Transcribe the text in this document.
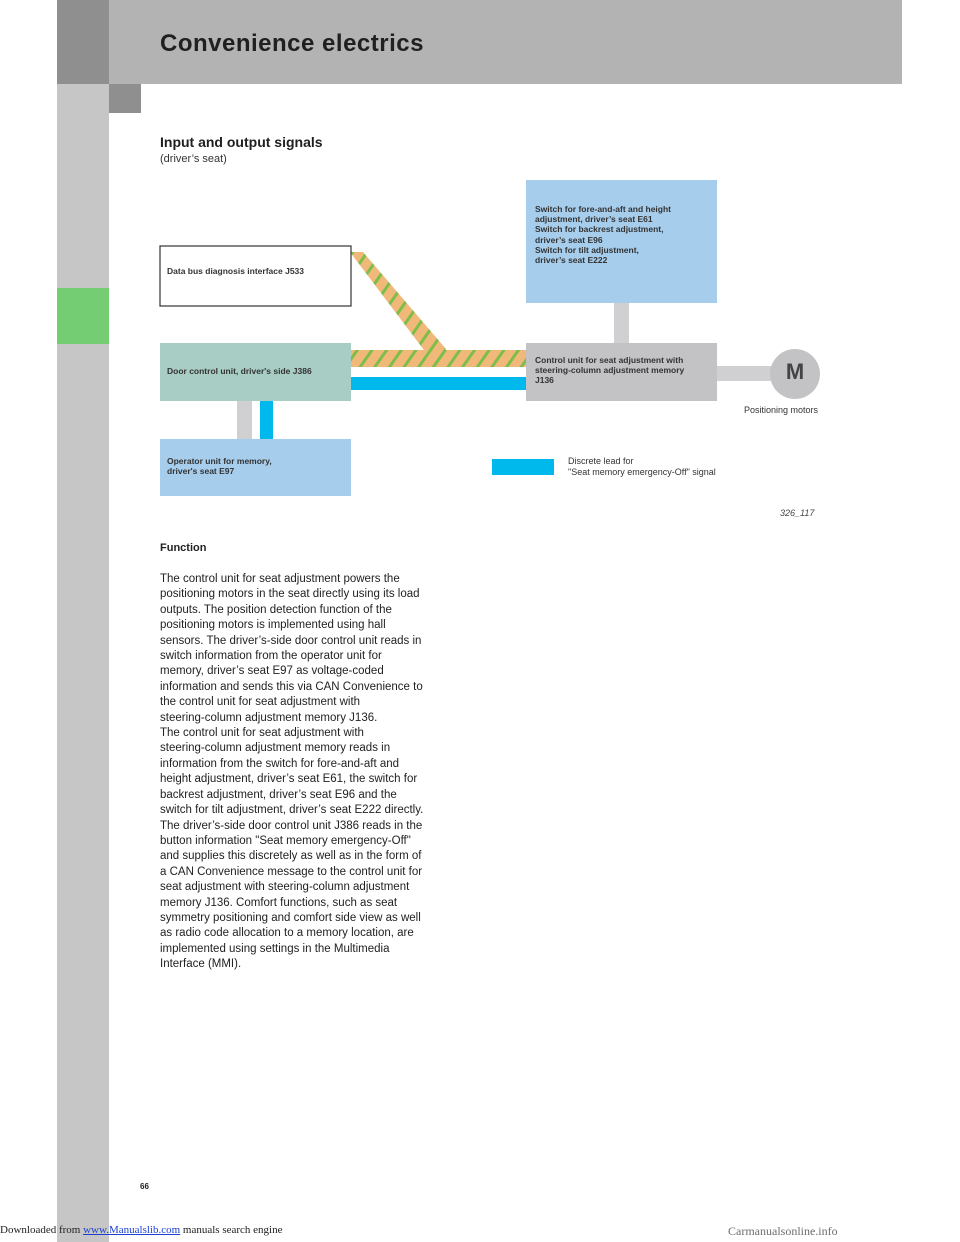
Convenience electrics
Input and output signals
(driver’s seat)
Data bus diagnosis interface J533
Switch for fore-and-aft and height
adjustment, driver’s seat E61
Switch for backrest adjustment,
driver’s seat E96
Switch for tilt adjustment,
driver’s seat E222
Door control unit, driver's side J386
Control unit for seat adjustment with
steering-column adjustment memory
J136
Operator unit for memory,
driver's seat E97
M
Positioning motors
Discrete lead for
"Seat memory emergency-Off" signal
326_117
Function
The control unit for seat adjustment powers the
positioning motors in the seat directly using its load
outputs. The position detection function of the
positioning motors is implemented using hall
sensors. The driver’s-side door control unit reads in
switch information from the operator unit for
memory, driver’s seat E97 as voltage-coded
information and sends this via CAN Convenience to
the control unit for seat adjustment with
steering-column adjustment memory J136.
The control unit for seat adjustment with
steering-column adjustment memory reads in
information from the switch for fore-and-aft and
height adjustment, driver’s seat E61, the switch for
backrest adjustment, driver’s seat E96 and the
switch for tilt adjustment, driver’s seat E222 directly.
The driver’s-side door control unit J386 reads in the
button information "Seat memory emergency-Off"
and supplies this discretely as well as in the form of
a CAN Convenience message to the control unit for
seat adjustment with steering-column adjustment
memory J136. Comfort functions, such as seat
symmetry positioning and comfort side view as well
as radio code allocation to a memory location, are
implemented using settings in the Multimedia
Interface (MMI).
66
Downloaded from www.Manualslib.com manuals search engine	Carmanualsonline.info
